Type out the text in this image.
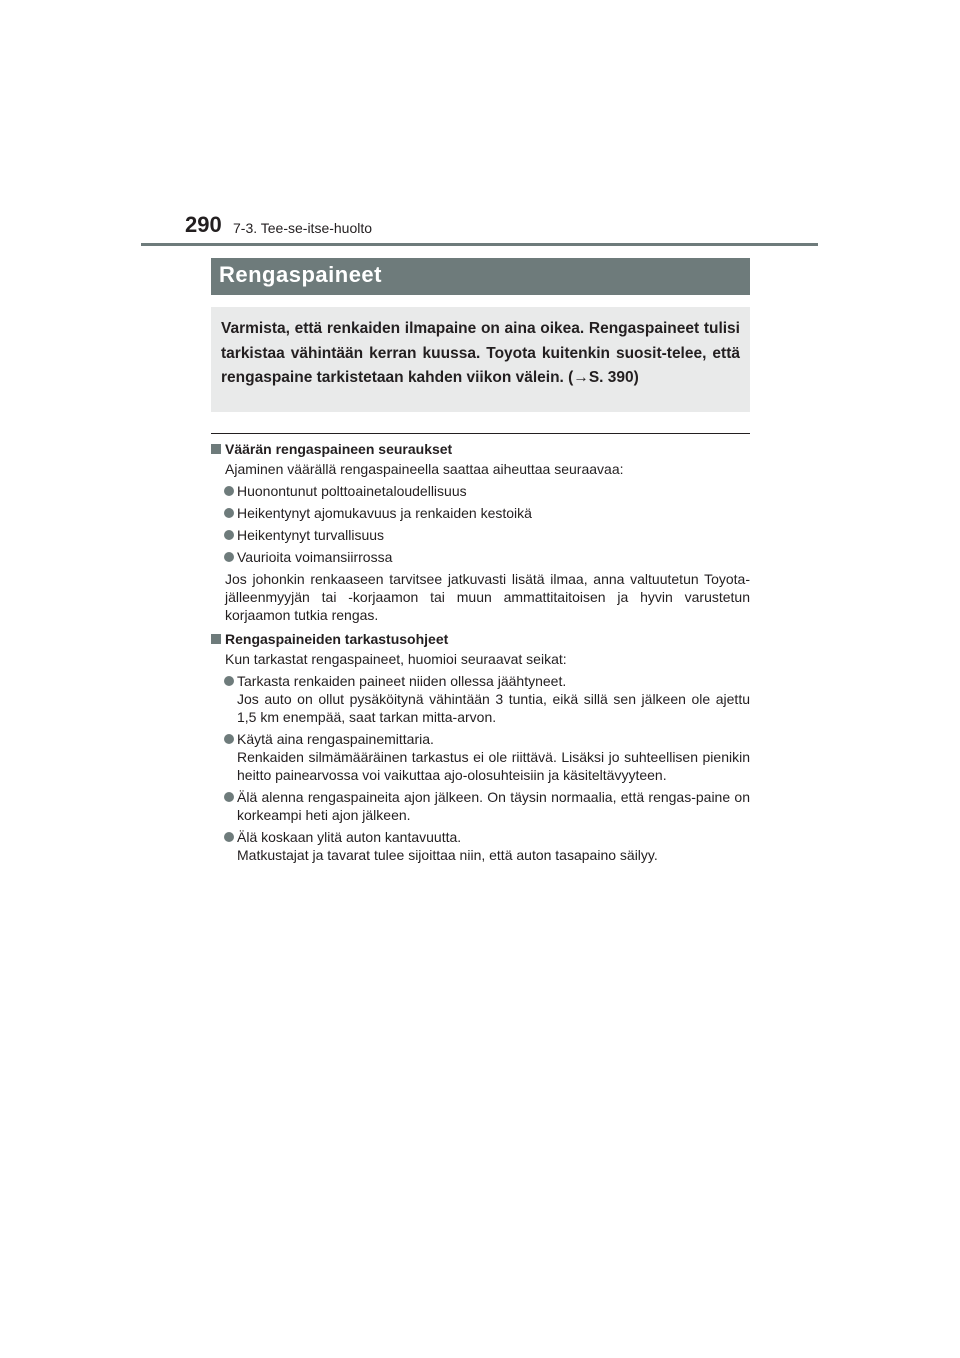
290 7-3. Tee-se-itse-huolto
Rengaspaineet

Varmista, että renkaiden ilmapaine on aina oikea. Rengaspaineet tulisi tarkistaa vähintään kerran kuussa. Toyota kuitenkin suosit-telee, että rengaspaine tarkistetaan kahden viikon välein. (→S. 390)

Väärän rengaspaineen seuraukset
Ajaminen väärällä rengaspaineella saattaa aiheuttaa seuraavaa:
Huonontunut polttoainetaloudellisuus
Heikentynyt ajomukavuus ja renkaiden kestoikä
Heikentynyt turvallisuus
Vaurioita voimansiirrossa
Jos johonkin renkaaseen tarvitsee jatkuvasti lisätä ilmaa, anna valtuutetun Toyota-jälleenmyyjän tai -korjaamon tai muun ammattitaitoisen ja hyvin varustetun korjaamon tutkia rengas.
Rengaspaineiden tarkastusohjeet
Kun tarkastat rengaspaineet, huomioi seuraavat seikat:
Tarkasta renkaiden paineet niiden ollessa jäähtyneet.
Jos auto on ollut pysäköitynä vähintään 3 tuntia, eikä sillä sen jälkeen ole ajettu 1,5 km enempää, saat tarkan mitta-arvon.
Käytä aina rengaspainemittaria.
Renkaiden silmämääräinen tarkastus ei ole riittävä. Lisäksi jo suhteellisen pienikin heitto painearvossa voi vaikuttaa ajo-olosuhteisiin ja käsiteltävyyteen.
Älä alenna rengaspaineita ajon jälkeen. On täysin normaalia, että rengas-paine on korkeampi heti ajon jälkeen.
Älä koskaan ylitä auton kantavuutta.
Matkustajat ja tavarat tulee sijoittaa niin, että auton tasapaino säilyy.
